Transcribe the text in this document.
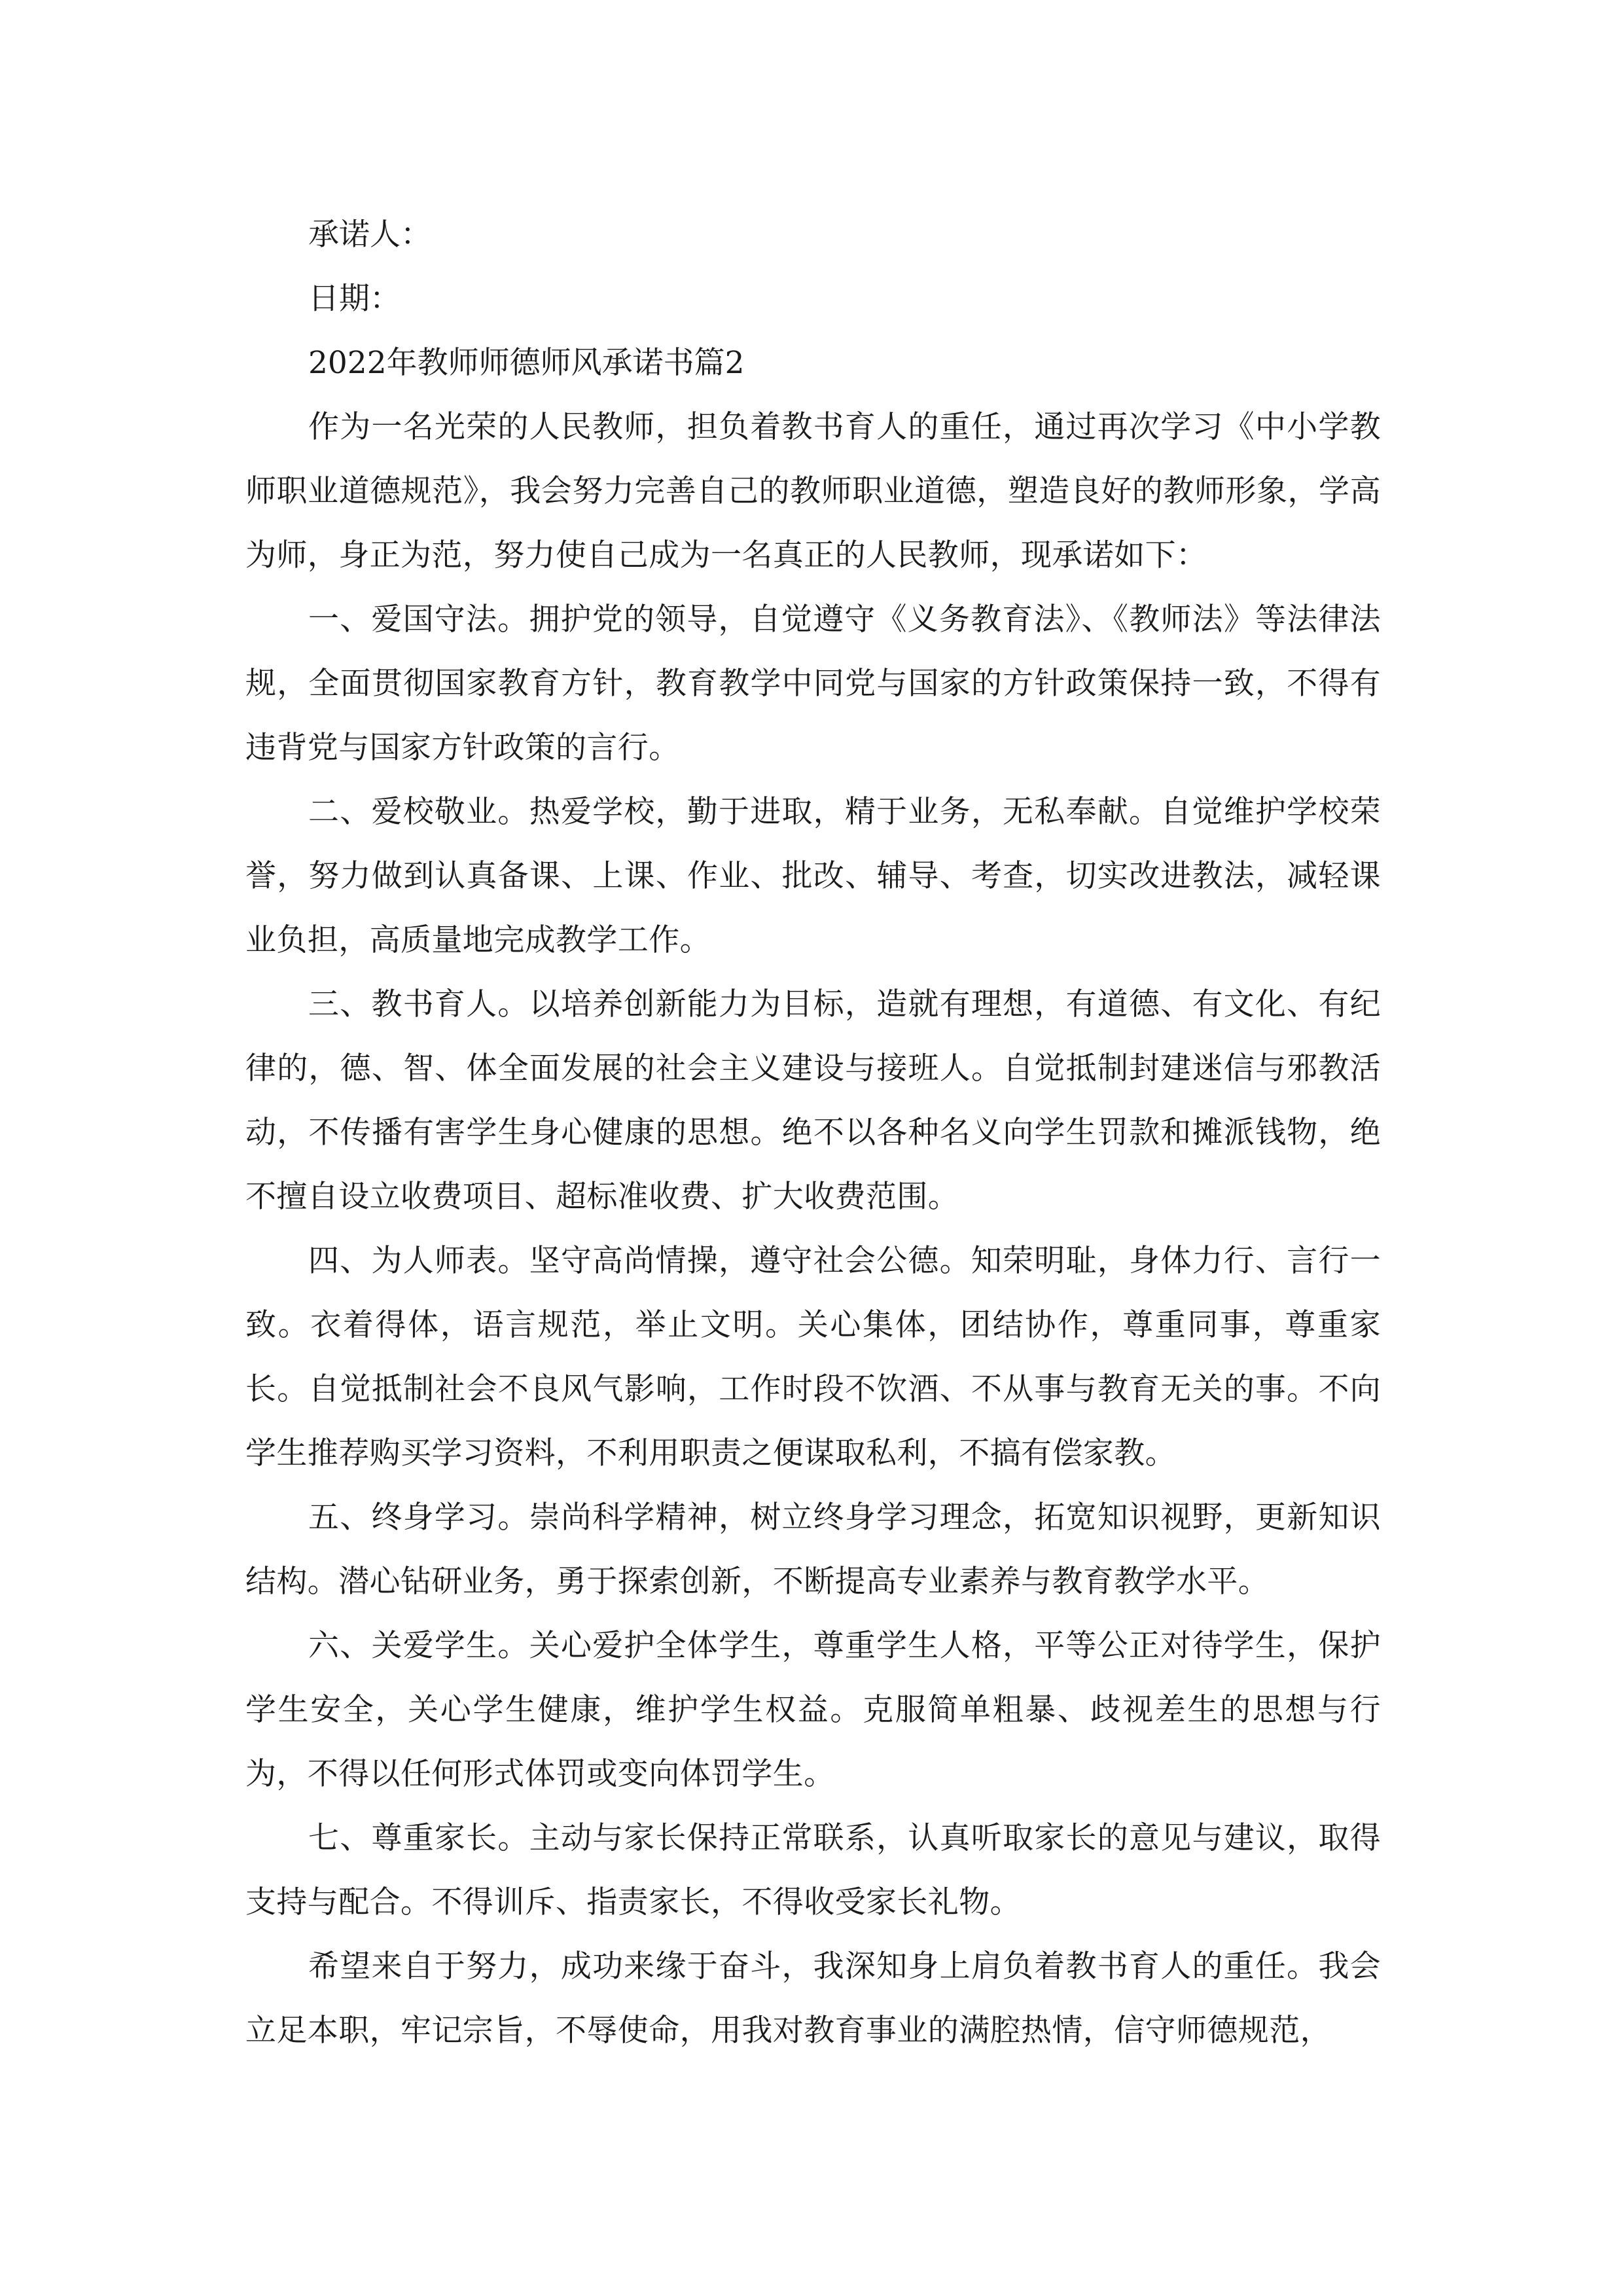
承诺人：

日期：

2022年教师师德师风承诺书篇2

作为一名光荣的人民教师，担负着教书育人的重任，通过再次学习《中小学教师职业道德规范》，我会努力完善自己的教师职业道德，塑造良好的教师形象，学高为师，身正为范，努力使自己成为一名真正的人民教师，现承诺如下：

一、爱国守法。拥护党的领导，自觉遵守《义务教育法》、《教师法》等法律法规，全面贯彻国家教育方针，教育教学中同党与国家的方针政策保持一致，不得有违背党与国家方针政策的言行。

二、爱校敬业。热爱学校，勤于进取，精于业务，无私奉献。自觉维护学校荣誉，努力做到认真备课、上课、作业、批改、辅导、考查，切实改进教法，减轻课业负担，高质量地完成教学工作。

三、教书育人。以培养创新能力为目标，造就有理想，有道德、有文化、有纪律的，德、智、体全面发展的社会主义建设与接班人。自觉抵制封建迷信与邪教活动，不传播有害学生身心健康的思想。绝不以各种名义向学生罚款和摊派钱物，绝不擅自设立收费项目、超标准收费、扩大收费范围。

四、为人师表。坚守高尚情操，遵守社会公德。知荣明耻，身体力行、言行一致。衣着得体，语言规范，举止文明。关心集体，团结协作，尊重同事，尊重家长。自觉抵制社会不良风气影响，工作时段不饮酒、不从事与教育无关的事。不向学生推荐购买学习资料，不利用职责之便谋取私利，不搞有偿家教。

五、终身学习。崇尚科学精神，树立终身学习理念，拓宽知识视野，更新知识结构。潜心钻研业务，勇于探索创新，不断提高专业素养与教育教学水平。

六、关爱学生。关心爱护全体学生，尊重学生人格，平等公正对待学生，保护学生安全，关心学生健康，维护学生权益。克服简单粗暴、歧视差生的思想与行为，不得以任何形式体罚或变向体罚学生。

七、尊重家长。主动与家长保持正常联系，认真听取家长的意见与建议，取得支持与配合。不得训斥、指责家长，不得收受家长礼物。

希望来自于努力，成功来缘于奋斗，我深知身上肩负着教书育人的重任。我会立足本职，牢记宗旨，不辱使命，用我对教育事业的满腔热情，信守师德规范，
